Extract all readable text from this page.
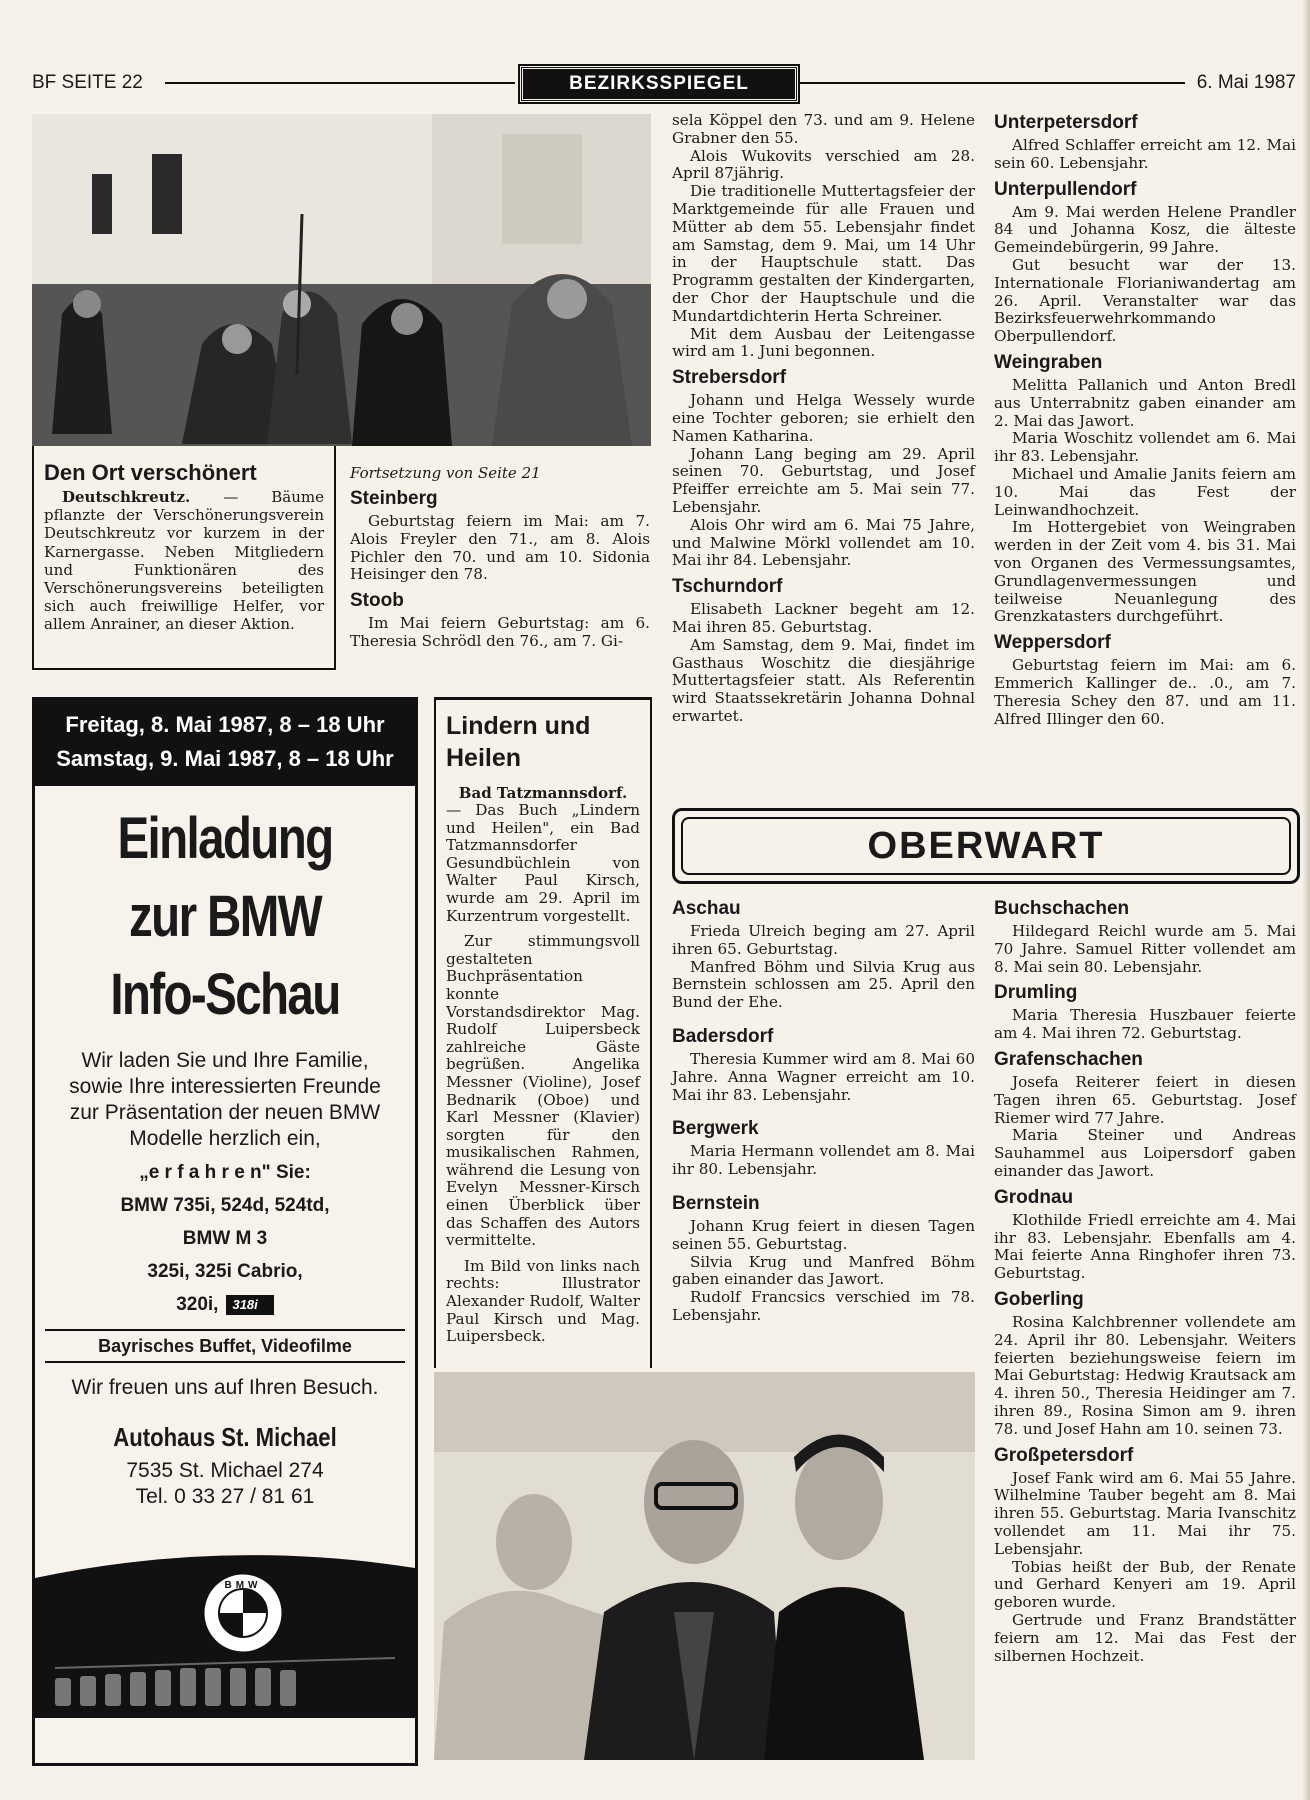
BF SEITE 22	BEZIRKSSPIEGEL	6. Mai 1987
Den Ort verschönert

Deutschkreutz. — Bäume pflanzte der Verschönerungsverein Deutschkreutz vor kurzem in der Karnergasse. Neben Mitgliedern und Funktionären des Verschönerungsvereins beteiligten sich auch freiwillige Helfer, vor allem Anrainer, an dieser Aktion.

Fortsetzung von Seite 21
Steinberg

Geburtstag feiern im Mai: am 7. Alois Freyler den 71., am 8. Alois Pichler den 70. und am 10. Sidonia Heisinger den 78.

Stoob

Im Mai feiern Geburtstag: am 6. Theresia Schrödl den 76., am 7. Gi-

sela Köppel den 73. und am 9. Helene Grabner den 55.

Alois Wukovits verschied am 28. April 87jährig.

Die traditionelle Muttertagsfeier der Marktgemeinde für alle Frauen und Mütter ab dem 55. Lebensjahr findet am Samstag, dem 9. Mai, um 14 Uhr in der Hauptschule statt. Das Programm gestalten der Kindergarten, der Chor der Hauptschule und die Mundartdichterin Herta Schreiner.

Mit dem Ausbau der Leitengasse wird am 1. Juni begonnen.

Strebersdorf

Johann und Helga Wessely wurde eine Tochter geboren; sie erhielt den Namen Katharina.

Johann Lang beging am 29. April seinen 70. Geburtstag, und Josef Pfeiffer erreichte am 5. Mai sein 77. Lebensjahr.

Alois Ohr wird am 6. Mai 75 Jahre, und Malwine Mörkl vollendet am 10. Mai ihr 84. Lebensjahr.

Tschurndorf

Elisabeth Lackner begeht am 12. Mai ihren 85. Geburtstag.

Am Samstag, dem 9. Mai, findet im Gasthaus Woschitz die diesjährige Muttertagsfeier statt. Als Referentin wird Staatssekretärin Johanna Dohnal erwartet.

Unterpetersdorf

Alfred Schlaffer erreicht am 12. Mai sein 60. Lebensjahr.

Unterpullendorf

Am 9. Mai werden Helene Prandler 84 und Johanna Kosz, die älteste Gemeindebürgerin, 99 Jahre.

Gut besucht war der 13. Internationale Florianiwandertag am 26. April. Veranstalter war das Bezirksfeuerwehrkommando Oberpullendorf.

Weingraben

Melitta Pallanich und Anton Bredl aus Unterrabnitz gaben einander am 2. Mai das Jawort.

Maria Woschitz vollendet am 6. Mai ihr 83. Lebensjahr.

Michael und Amalie Janits feiern am 10. Mai das Fest der Leinwandhochzeit.

Im Hottergebiet von Weingraben werden in der Zeit vom 4. bis 31. Mai von Organen des Vermessungsamtes, Grundlagenvermessungen und teilweise Neuanlegung des Grenzkatasters durchgeführt.

Weppersdorf

Geburtstag feiern im Mai: am 6. Emmerich Kallinger de.. .0., am 7. Theresia Schey den 87. und am 11. Alfred Illinger den 60.

Freitag, 8. Mai 1987, 8 – 18 Uhr
Samstag, 9. Mai 1987, 8 – 18 Uhr
Einladung
zur BMW
Info-Schau
Wir laden Sie und Ihre Familie, sowie Ihre interessierten Freunde zur Präsentation der neuen BMW Modelle herzlich ein,
„e r f a h r e n" Sie:
BMW 735i, 524d, 524td,
BMW M 3
325i, 325i Cabrio,
320i,	318i
Bayrisches Buffet, Videofilme
Wir freuen uns auf Ihren Besuch.
Autohaus St. Michael
7535 St. Michael 274
Tel. 0 33 27 / 81 61
BMW
Lindern und Heilen
Bad Tatzmannsdorf.

— Das Buch „Lindern und Heilen", ein Bad Tatzmannsdorfer Gesundbüchlein von Walter Paul Kirsch, wurde am 29. April im Kurzentrum vorgestellt.

Zur stimmungsvoll gestalteten Buchpräsentation konnte Vorstandsdirektor Mag. Rudolf Luipersbeck zahlreiche Gäste begrüßen. Angelika Messner (Violine), Josef Bednarik (Oboe) und Karl Messner (Klavier) sorgten für den musikalischen Rahmen, während die Lesung von Evelyn Messner-Kirsch einen Überblick über das Schaffen des Autors vermittelte.

Im Bild von links nach rechts: Illustrator Alexander Rudolf, Walter Paul Kirsch und Mag. Luipersbeck.

OBERWART
Aschau

Frieda Ulreich beging am 27. April ihren 65. Geburtstag.

Manfred Böhm und Silvia Krug aus Bernstein schlossen am 25. April den Bund der Ehe.

Badersdorf

Theresia Kummer wird am 8. Mai 60 Jahre. Anna Wagner erreicht am 10. Mai ihr 83. Lebensjahr.

Bergwerk

Maria Hermann vollendet am 8. Mai ihr 80. Lebensjahr.

Bernstein

Johann Krug feiert in diesen Tagen seinen 55. Geburtstag.

Silvia Krug und Manfred Böhm gaben einander das Jawort.

Rudolf Francsics verschied im 78. Lebensjahr.

Buchschachen

Hildegard Reichl wurde am 5. Mai 70 Jahre. Samuel Ritter vollendet am 8. Mai sein 80. Lebensjahr.

Drumling

Maria Theresia Huszbauer feierte am 4. Mai ihren 72. Geburtstag.

Grafenschachen

Josefa Reiterer feiert in diesen Tagen ihren 65. Geburtstag. Josef Riemer wird 77 Jahre.

Maria Steiner und Andreas Sauhammel aus Loipersdorf gaben einander das Jawort.

Grodnau

Klothilde Friedl erreichte am 4. Mai ihr 83. Lebensjahr. Ebenfalls am 4. Mai feierte Anna Ringhofer ihren 73. Geburtstag.

Goberling

Rosina Kalchbrenner vollendete am 24. April ihr 80. Lebensjahr. Weiters feierten beziehungsweise feiern im Mai Geburtstag: Hedwig Krautsack am 4. ihren 50., Theresia Heidinger am 7. ihren 89., Rosina Simon am 9. ihren 78. und Josef Hahn am 10. seinen 73.

Großpetersdorf

Josef Fank wird am 6. Mai 55 Jahre. Wilhelmine Tauber begeht am 8. Mai ihren 55. Geburtstag. Maria Ivanschitz vollendet am 11. Mai ihr 75. Lebensjahr.

Tobias heißt der Bub, der Renate und Gerhard Kenyeri am 19. April geboren wurde.

Gertrude und Franz Brandstätter feiern am 12. Mai das Fest der silbernen Hochzeit.
